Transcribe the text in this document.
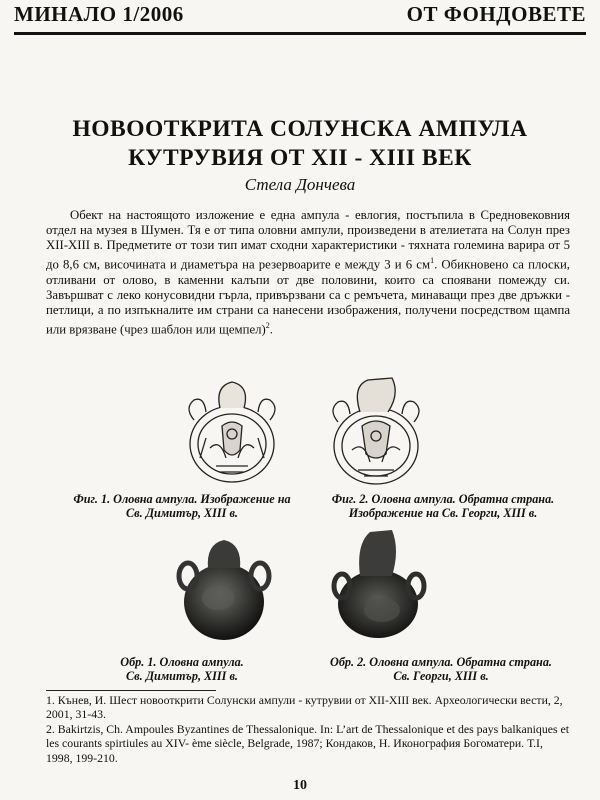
МИНАЛО 1/2006	ОТ ФОНДОВЕТЕ
НОВООТКРИТА СОЛУНСКА АМПУЛА
КУТРУВИЯ ОТ XII - XIII ВЕК
Стела Дончева

Обект на настоящото изложение е една ампула - евлогия, постъпила в Средновековния отдел на музея в Шумен. Тя е от типа оловни ампули, произведени в ателиетата на Солун през XII-XIII в. Предметите от този тип имат сходни характеристики - тяхната големина варира от 5 до 8,6 см, височината и диаметъра на резервоарите е между 3 и 6 $см^1$. Обикновено са плоски, отливани от олово, в каменни калъпи от две половини, които са споявани помежду си. Завършват с леко конусовидни гърла, привързвани са с ремъчета, минаващи през две дръжки - петлици, а по изпъкналите им страни са нанесени изображения, получени посредством щампа или врязване (чрез шаблон или щемпел)$^2$.

Фиг. 1. Оловна ампула. Изображение на Св. Димитър, XIII в.
Фиг. 2. Оловна ампула. Обратна страна. Изображение на Св. Георги, XIII в.
Обр. 1. Оловна ампула.
Св. Димитър, XIII в.
Обр. 2. Оловна ампула. Обратна страна.
Св. Георги, XIII в.

1. Кънев, И. Шест новооткрити Солунски ампули - кутрувии от XII-XIII век. Археологически вести, 2, 2001, 31-43.

2. Bakirtzis, Ch. Ampoules Byzantines de Thessalonique. In: L’art de Thessalonique et des pays balkaniques et les courants spirtiules au XIV- ème siècle, Belgrade, 1987; Кондаков, Н. Иконография Богоматери. Т.I, 1998, 199-210.

10
